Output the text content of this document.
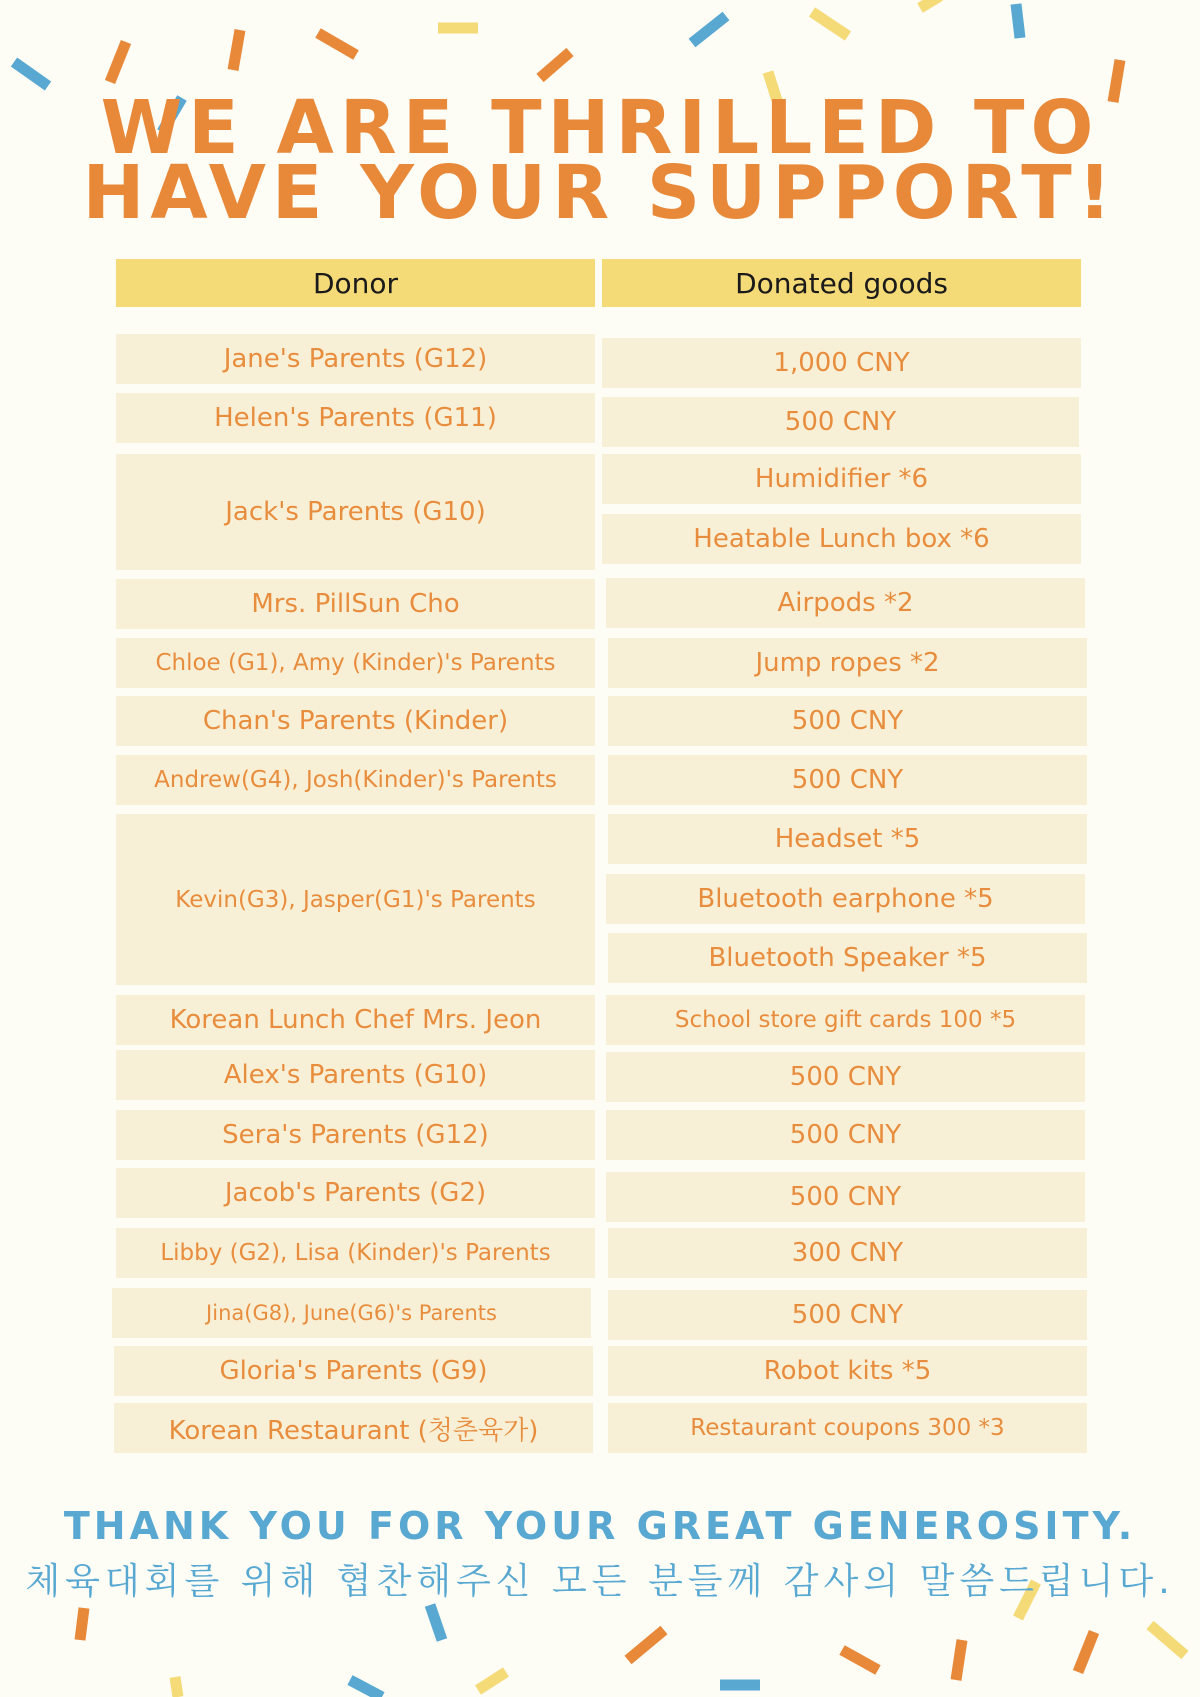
WE ARE THRILLED TO
HAVE YOUR SUPPORT!
Donor	Donated goods
Jane's Parents (G12)
Helen's Parents (G11)
Jack's Parents (G10)
Mrs. PillSun Cho
Chloe (G1), Amy (Kinder)'s Parents
Chan's Parents (Kinder)
Andrew(G4), Josh(Kinder)'s Parents
Kevin(G3), Jasper(G1)'s Parents
Korean Lunch Chef Mrs. Jeon
Alex's Parents (G10)
Sera's Parents (G12)
Jacob's Parents (G2)
Libby (G2), Lisa (Kinder)'s Parents
Jina(G8), June(G6)'s Parents
Gloria's Parents (G9)
Korean Restaurant (청춘육가)
1,000 CNY
500 CNY
Humidifier *6
Heatable Lunch box *6
Airpods *2
Jump ropes *2
500 CNY
500 CNY
Headset *5
Bluetooth earphone *5
Bluetooth Speaker *5
School store gift cards 100 *5
500 CNY
500 CNY
500 CNY
300 CNY
500 CNY
Robot kits *5
Restaurant coupons 300 *3
THANK YOU FOR YOUR GREAT GENEROSITY.
체육대회를 위해 협찬해주신 모든 분들께 감사의 말씀드립니다.
